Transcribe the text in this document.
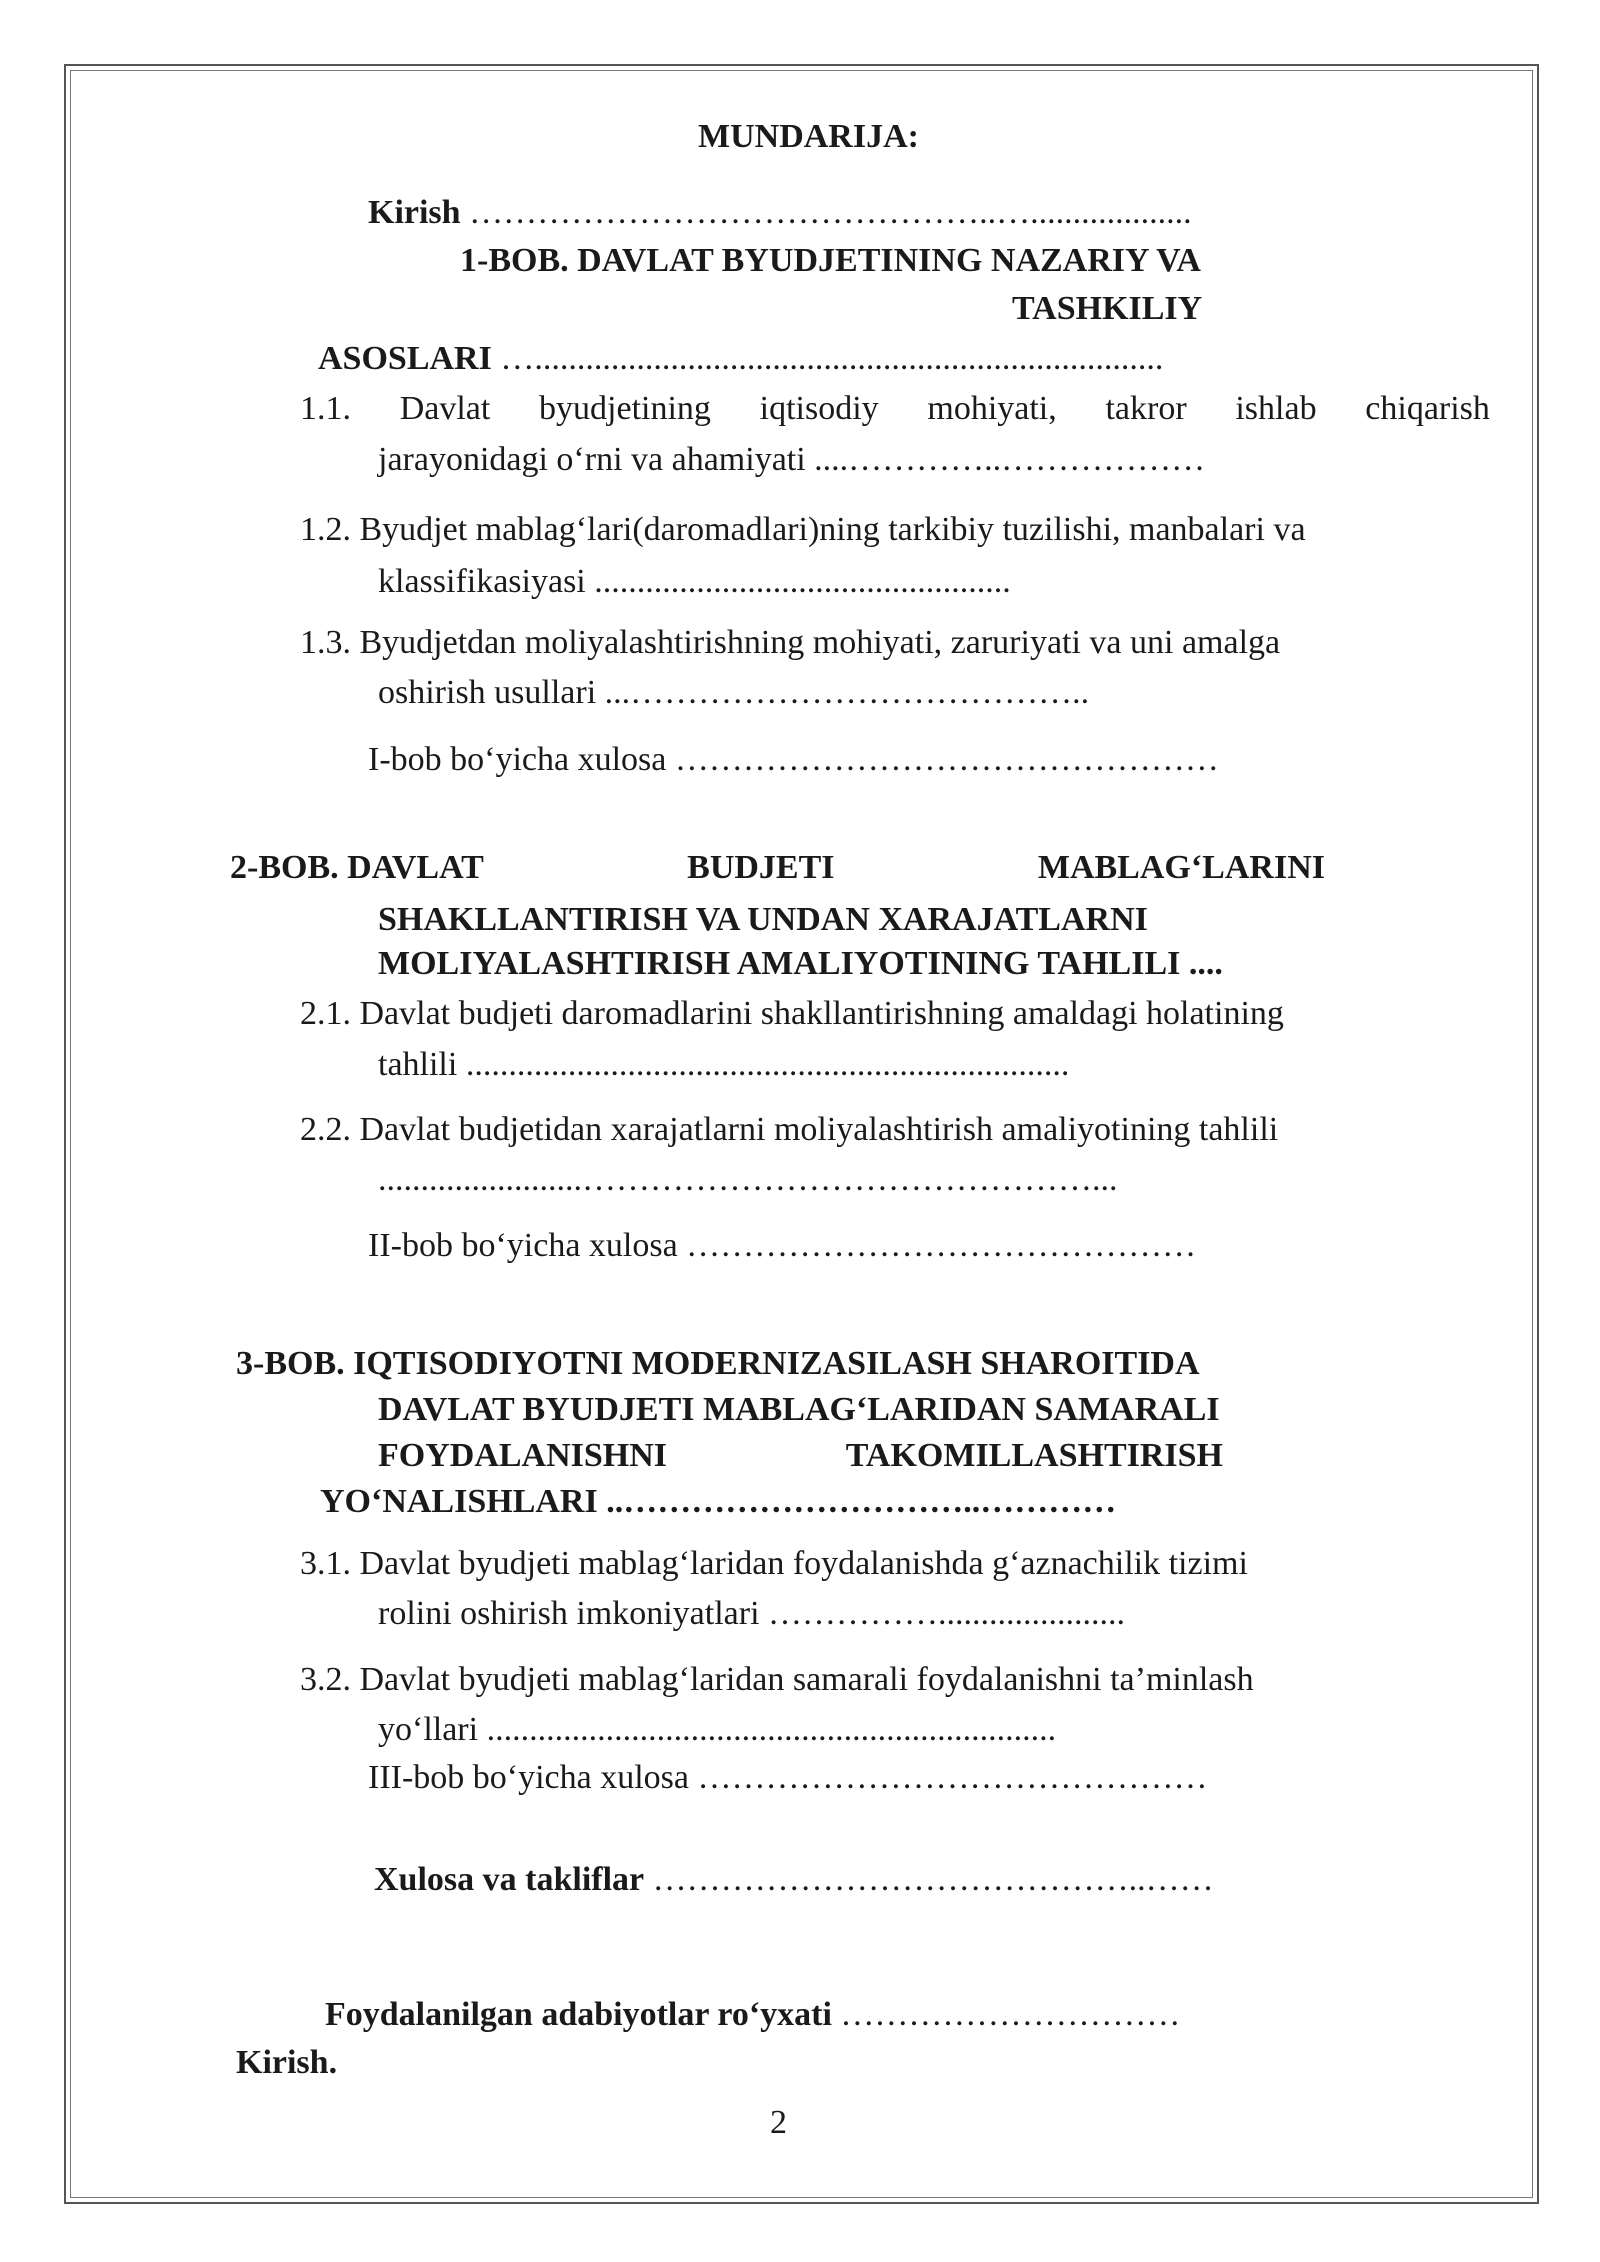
MUNDARIJA:
Kirish ………………………………………..…...................
1-BOB. DAVLAT BYUDJETINING NAZARIY VA
TASHKILIY
ASOSLARI …..........................................................................
1.1. Davlat byudjetining iqtisodiy mohiyati, takror ishlab chiqarish
jarayonidagi o‘rni va ahamiyati ....…………..………………
1.2. Byudjet mablag‘lari(daromadlari)ning tarkibiy tuzilishi, manbalari va
klassifikasiyasi .................................................
1.3. Byudjetdan moliyalashtirishning mohiyati, zaruriyati va uni amalga
oshirish usullari ...…………………………………..
I-bob bo‘yicha xulosa …………………………………………
2-BOB. DAVLAT	BUDJETI	MABLAG‘LARINI
SHAKLLANTIRISH VA UNDAN XARAJATLARNI
MOLIYALASHTIRISH AMALIYOTINING TAHLILI ....
2.1. Davlat budjeti daromadlarini shakllantirishning amaldagi holatining
tahlili .......................................................................
2.2. Davlat budjetidan xarajatlarni moliyalashtirish amaliyotining tahlili
........................………………………………………...
II-bob bo‘yicha xulosa ………………………………………
3-BOB. IQTISODIYOTNI MODERNIZASILASH SHAROITIDA
DAVLAT BYUDJETI MABLAG‘LARIDAN SAMARALI
FOYDALANISHNI	TAKOMILLASHTIRISH
YO‘NALISHLARI ..…………………………..…………
3.1. Davlat byudjeti mablag‘laridan foydalanishda g‘aznachilik tizimi
rolini oshirish imkoniyatlari ……………......................
3.2. Davlat byudjeti mablag‘laridan samarali foydalanishni ta’minlash
yo‘llari ...................................................................
III-bob bo‘yicha xulosa ………………………………………
Xulosa va takliflar ……………………………………..……
Foydalanilgan adabiyotlar ro‘yxati …………………………
Kirish.
2
